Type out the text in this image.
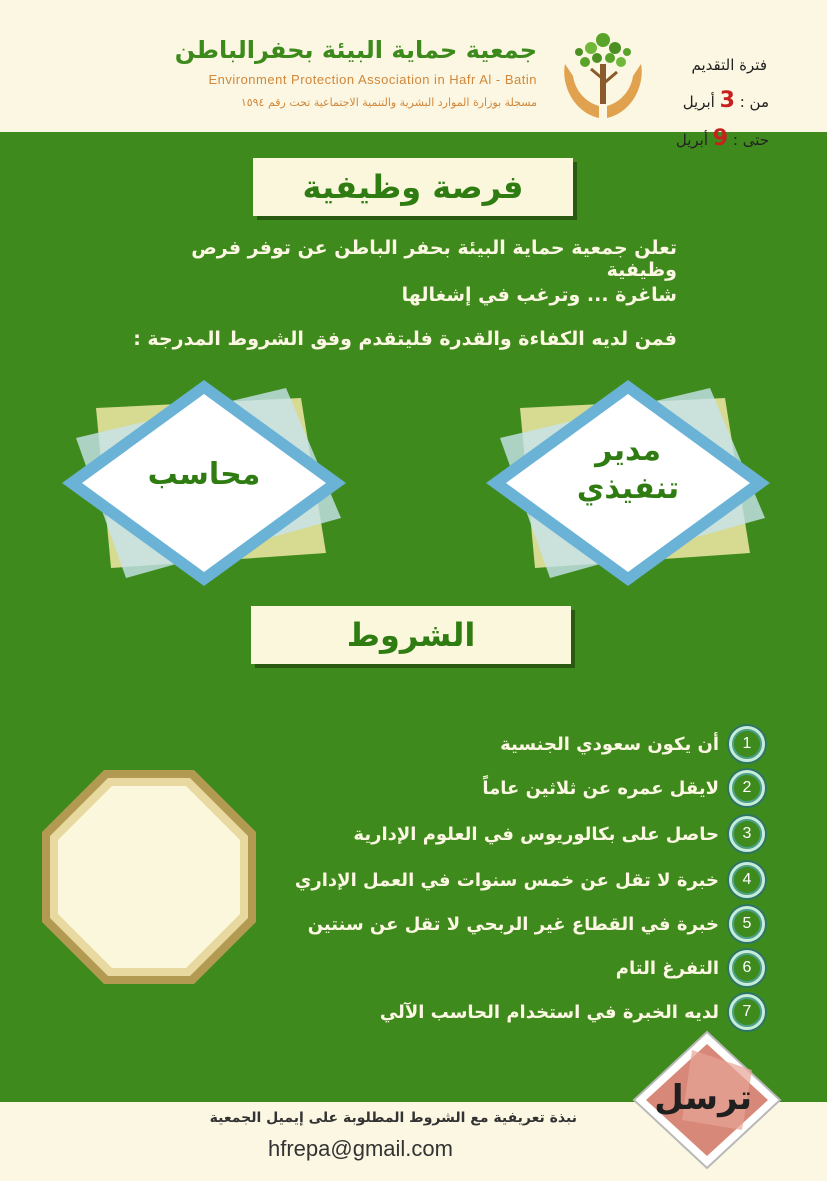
جمعية حماية البيئة بحفرالباطن
Environment Protection Association in Hafr Al - Batin
مسجلة بوزارة الموارد البشرية والتنمية الاجتماعية تحت رقم ١٥٩٤
فرصة وظيفية
تعلن جمعية حماية البيئة بحفر الباطن عن توفر فرص وظيفية
شاغرة ... وترغب في إشغالها
فمن لديه الكفاءة والقدرة فليتقدم وفق الشروط المدرجة :
محاسب
مدير
تنفيذي
الشروط
1
أن يكون سعودي الجنسية
2
لايقل عمره عن ثلاثين عاماً
3
حاصل على بكالوريوس في العلوم الإدارية
4
خبرة لا تقل عن خمس سنوات في العمل الإداري
5
خبرة في القطاع غير الربحي لا تقل عن سنتين
6
التفرغ التام
7
لديه الخبرة في استخدام الحاسب الآلي
فترة التقديم
من : 3 أبريل
حتى : 9 أبريل
ترسل
نبذة تعريفية مع الشروط المطلوبة على إيميل الجمعية
hfrepa@gmail.com
